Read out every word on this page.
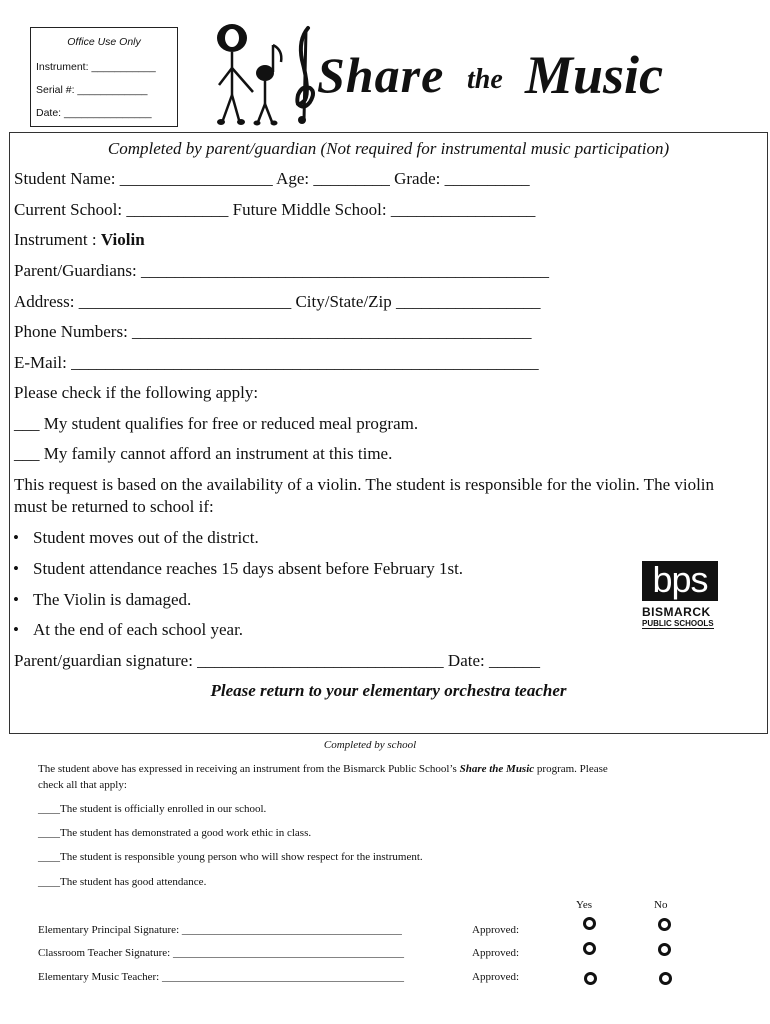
Office Use Only
Instrument: ___________
Serial #: ____________
Date: _______________
Share the Music
Completed by parent/guardian (Not required for instrumental music participation)
Student Name: __________________ Age: _________ Grade: __________
Current School: ____________ Future Middle School: _________________
Instrument : Violin
Parent/Guardians: ________________________________________________
Address: _________________________ City/State/Zip _________________
Phone Numbers: _______________________________________________
E-Mail: _______________________________________________________
Please check if the following apply:
___ My student qualifies for free or reduced meal program.
___ My family cannot afford an instrument at this time.
This request is based on the availability of a violin. The student is responsible for the violin. The violin
must be returned to school if:
• Student moves out of the district.
• Student attendance reaches 15 days absent before February 1st.
• The Violin is damaged.
• At the end of each school year.
Parent/guardian signature: _____________________________ Date: ______
Please return to your elementary orchestra teacher
bps
BISMARCK
PUBLIC SCHOOLS
Completed by school
The student above has expressed in receiving an instrument from the Bismarck Public School’s Share the Music program. Please
check all that apply:
____The student is officially enrolled in our school.
____The student has demonstrated a good work ethic in class.
____The student is responsible young person who will show respect for the instrument.
____The student has good attendance.
Yes	No
Elementary Principal Signature: ________________________________________	Approved:
Classroom Teacher Signature: __________________________________________	Approved:
Elementary Music Teacher: ____________________________________________	Approved:
